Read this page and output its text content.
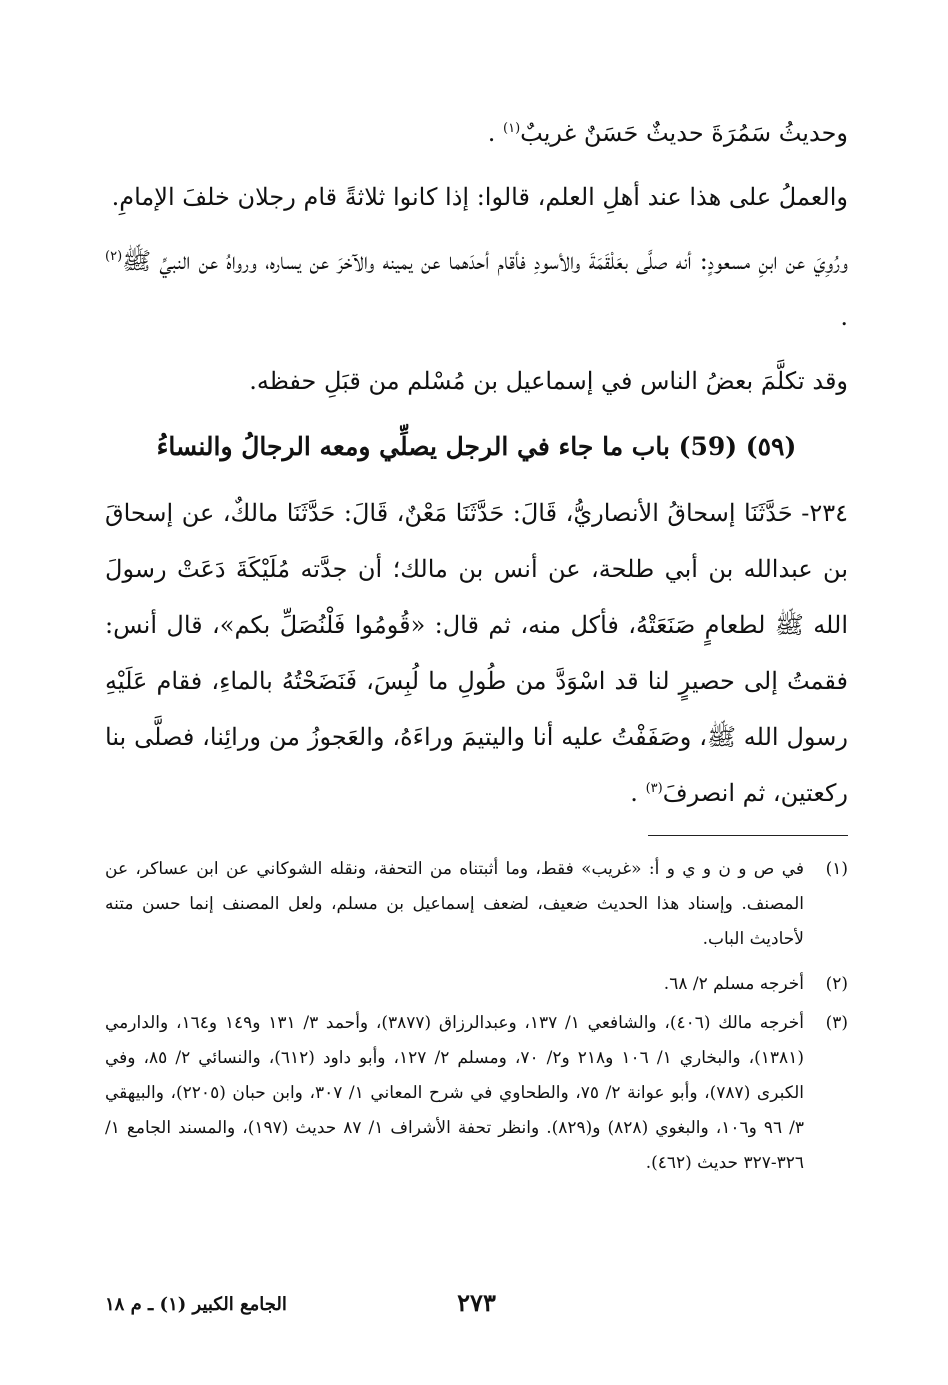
وحديثُ سَمُرَةَ حديثٌ حَسَنٌ غريبٌ$^{(١)}$ .

والعملُ على هذا عند أهلِ العلم، قالوا: إذا كانوا ثلاثةً قام رجلان خلفَ الإمامِ.

ورُوِيَ عن ابنِ مسعودٍ: أنه صلَّى بعَلْقَمَةَ والأسودِ فأقام أحدَهما عن يمينه والآخرَ عن يساره، ورواهُ عن النبيِّ ﷺ$^{(٢)}$ .

وقد تكلَّمَ بعضُ الناس في إسماعيل بن مُسْلم من قبَلِ حفظه.

(٥٩) (59) باب ما جاء في الرجل يصلِّي ومعه الرجالُ والنساءُ

٢٣٤- حَدَّثَنَا إسحاقُ الأنصاريُّ، قَالَ: حَدَّثَنَا مَعْنٌ، قَالَ: حَدَّثَنَا مالكٌ، عن إسحاقَ بن عبدالله بن أبي طلحة، عن أنس بن مالك؛ أن جدَّته مُلَيْكَةَ دَعَتْ رسولَ الله ﷺ لطعامٍ صَنَعَتْهُ، فأكل منه، ثم قال: «قُومُوا فَلْنُصَلِّ بكم»، قال أنس: فقمتُ إلى حصيرٍ لنا قد اسْوَدَّ من طُولِ ما لُبِسَ، فَنَضَحْتُهُ بالماءِ، فقام عَلَيْهِ رسول الله ﷺ، وصَفَفْتُ عليه أنا واليتيمَ وراءَهُ، والعَجوزُ من ورائِنا، فصلَّى بنا ركعتين، ثم انصرفَ$^{(٣)}$ .

(١)
في ص و ن و ي و أ: «غريب» فقط، وما أثبتناه من التحفة، ونقله الشوكاني عن ابن عساكر، عن المصنف. وإسناد هذا الحديث ضعيف، لضعف إسماعيل بن مسلم، ولعل المصنف إنما حسن متنه لأحاديث الباب.
(٢)
أخرجه مسلم ٢/ ٦٨.
(٣)
أخرجه مالك (٤٠٦)، والشافعي ١/ ١٣٧، وعبدالرزاق (٣٨٧٧)، وأحمد ٣/ ١٣١ و١٤٩ و١٦٤، والدارمي (١٣٨١)، والبخاري ١/ ١٠٦ و٢١٨ و٢/ ٧٠، ومسلم ٢/ ١٢٧، وأبو داود (٦١٢)، والنسائي ٢/ ٨٥، وفي الكبرى (٧٨٧)، وأبو عوانة ٢/ ٧٥، والطحاوي في شرح المعاني ١/ ٣٠٧، وابن حبان (٢٢٠٥)، والبيهقي ٣/ ٩٦ و١٠٦، والبغوي (٨٢٨) و(٨٢٩). وانظر تحفة الأشراف ١/ ٨٧ حديث (١٩٧)، والمسند الجامع ١/ ٣٢٦-٣٢٧ حديث (٤٦٢).
٢٧٣
الجامع الكبير (١) ـ م ١٨
